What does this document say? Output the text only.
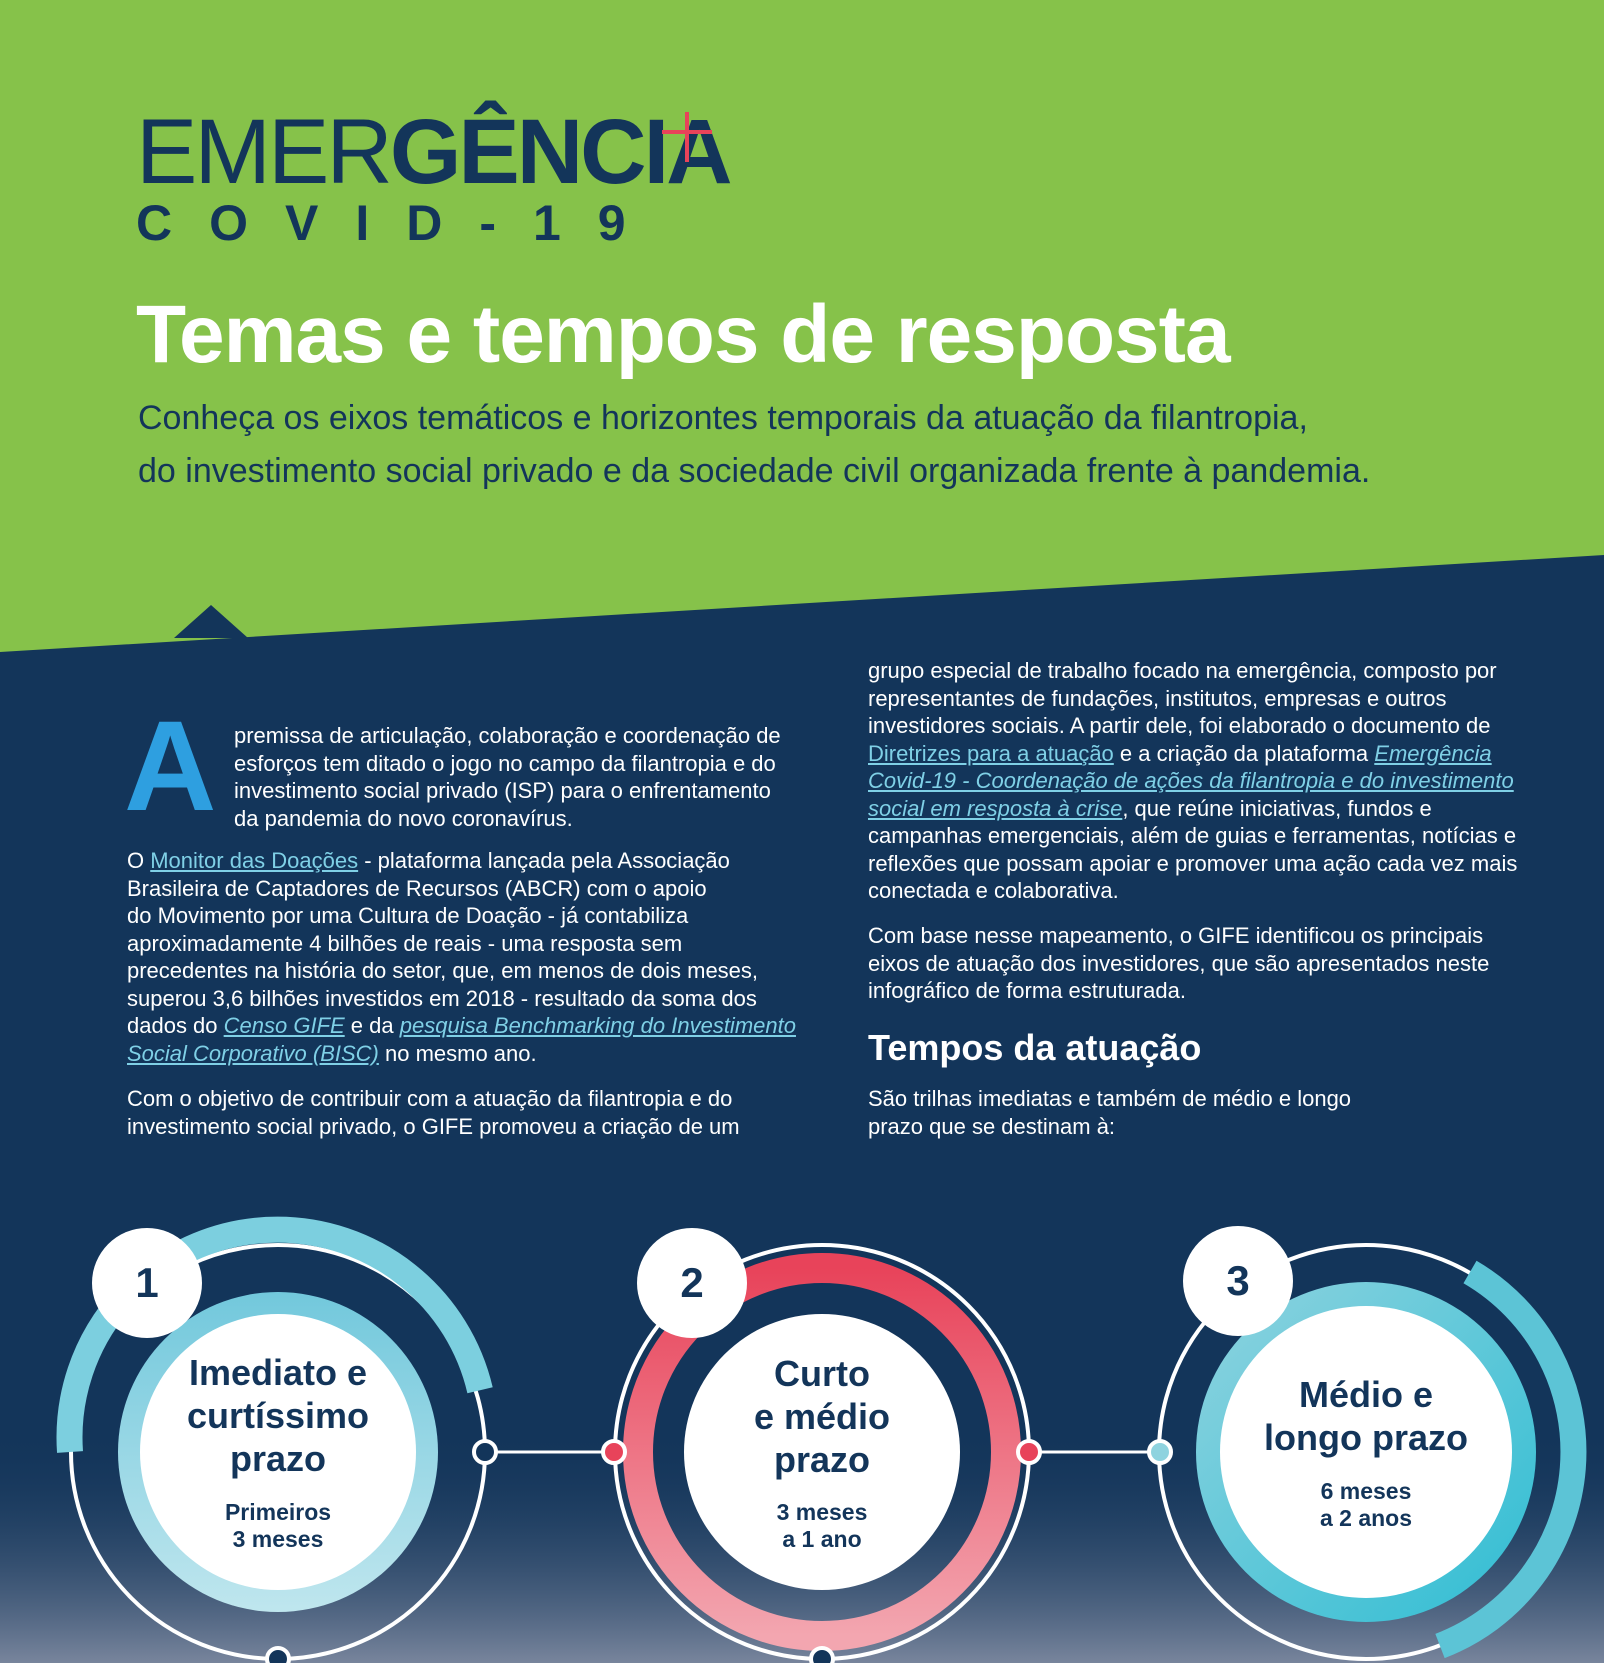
EMERGÊNCIA
COVID-19
Temas e tempos de resposta
Conheça os eixos temáticos e horizontes temporais da atuação da filantropia,
do investimento social privado e da sociedade civil organizada frente à pandemia.
A premissa de articulação, colaboração e coordenação de
esforços tem ditado o jogo no campo da filantropia e do
investimento social privado (ISP) para o enfrentamento
da pandemia do novo coronavírus.
O Monitor das Doações - plataforma lançada pela Associação
Brasileira de Captadores de Recursos (ABCR) com o apoio
do Movimento por uma Cultura de Doação - já contabiliza
aproximadamente 4 bilhões de reais - uma resposta sem
precedentes na história do setor, que, em menos de dois meses,
superou 3,6 bilhões investidos em 2018 - resultado da soma dos
dados do Censo GIFE e da pesquisa Benchmarking do Investimento
Social Corporativo (BISC) no mesmo ano.
Com o objetivo de contribuir com a atuação da filantropia e do
investimento social privado, o GIFE promoveu a criação de um
grupo especial de trabalho focado na emergência, composto por
representantes de fundações, institutos, empresas e outros
investidores sociais. A partir dele, foi elaborado o documento de
Diretrizes para a atuação e a criação da plataforma Emergência
Covid-19 - Coordenação de ações da filantropia e do investimento
social em resposta à crise, que reúne iniciativas, fundos e
campanhas emergenciais, além de guias e ferramentas, notícias e
reflexões que possam apoiar e promover uma ação cada vez mais
conectada e colaborativa.
Com base nesse mapeamento, o GIFE identificou os principais
eixos de atuação dos investidores, que são apresentados neste
infográfico de forma estruturada.
Tempos da atuação
São trilhas imediatas e também de médio e longo
prazo que se destinam à:
1
Imediato e
curtíssimo
prazo
Primeiros
3 meses
2
Curto
e médio
prazo
3 meses
a 1 ano
3
Médio e
longo prazo
6 meses
a 2 anos
